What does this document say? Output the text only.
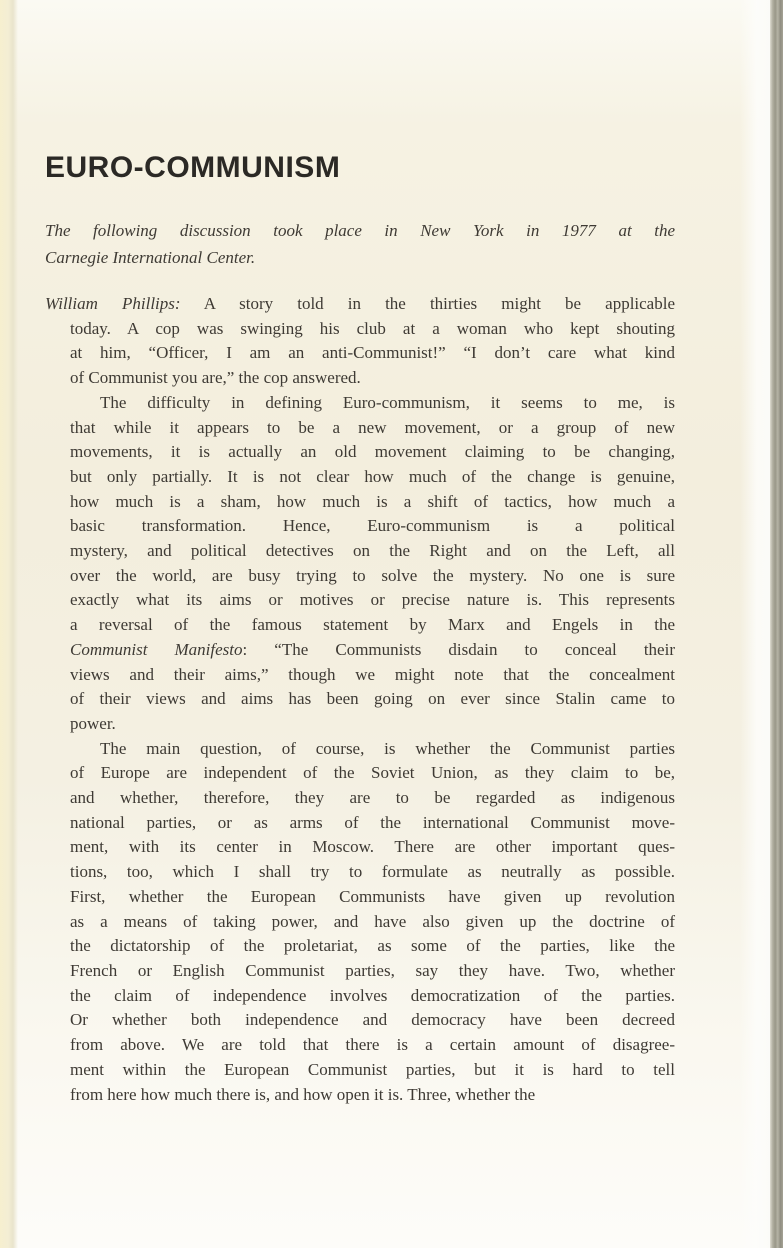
EURO-COMMUNISM
The following discussion took place in New York in 1977 at the
Carnegie International Center.
William Phillips: A story told in the thirties might be applicable
today. A cop was swinging his club at a woman who kept shouting
at him, “Officer, I am an anti-Communist!” “I don’t care what kind
of Communist you are,” the cop answered.
The difficulty in defining Euro-communism, it seems to me, is
that while it appears to be a new movement, or a group of new
movements, it is actually an old movement claiming to be changing,
but only partially. It is not clear how much of the change is genuine,
how much is a sham, how much is a shift of tactics, how much a
basic transformation. Hence, Euro-communism is a political
mystery, and political detectives on the Right and on the Left, all
over the world, are busy trying to solve the mystery. No one is sure
exactly what its aims or motives or precise nature is. This represents
a reversal of the famous statement by Marx and Engels in the
Communist Manifesto: “The Communists disdain to conceal their
views and their aims,” though we might note that the concealment
of their views and aims has been going on ever since Stalin came to
power.
The main question, of course, is whether the Communist parties
of Europe are independent of the Soviet Union, as they claim to be,
and whether, therefore, they are to be regarded as indigenous
national parties, or as arms of the international Communist move-
ment, with its center in Moscow. There are other important ques-
tions, too, which I shall try to formulate as neutrally as possible.
First, whether the European Communists have given up revolution
as a means of taking power, and have also given up the doctrine of
the dictatorship of the proletariat, as some of the parties, like the
French or English Communist parties, say they have. Two, whether
the claim of independence involves democratization of the parties.
Or whether both independence and democracy have been decreed
from above. We are told that there is a certain amount of disagree-
ment within the European Communist parties, but it is hard to tell
from here how much there is, and how open it is. Three, whether the
